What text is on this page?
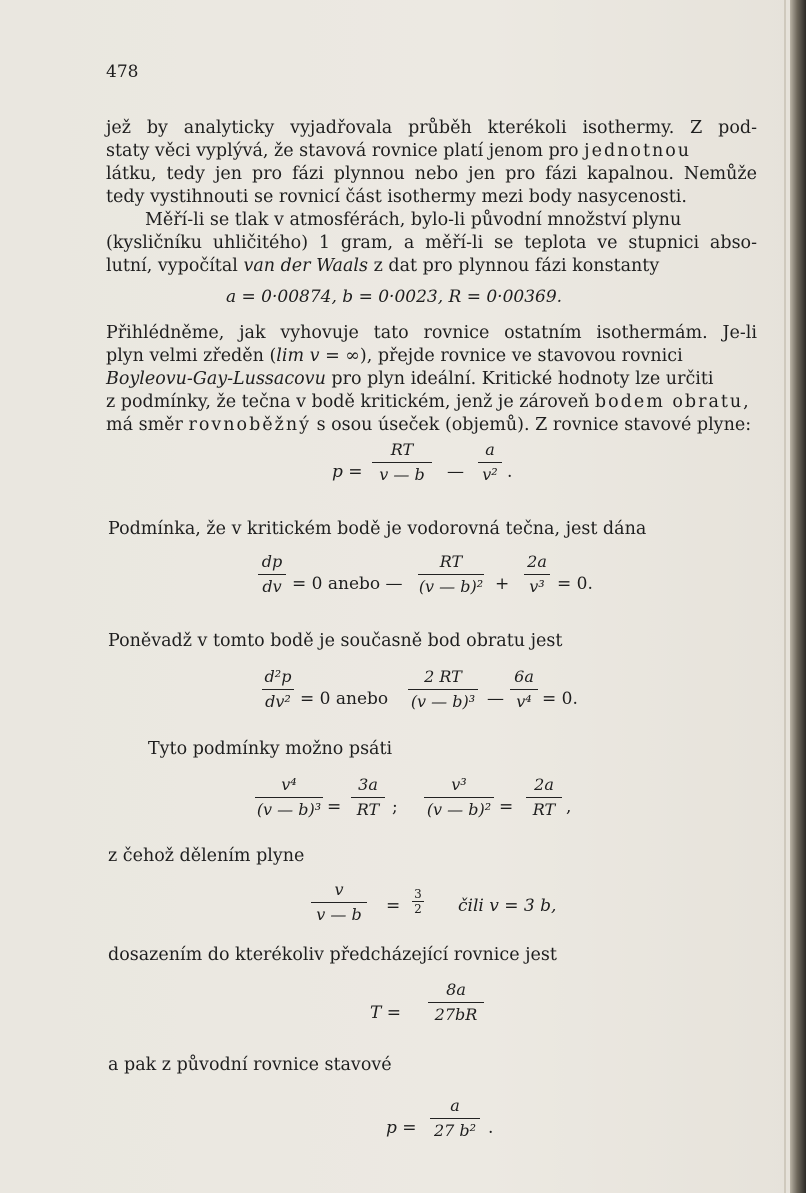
478
jež by analyticky vyjadřovala průběh kterékoli isothermy. Z pod-
staty věci vyplývá, že stavová rovnice platí jenom pro jednotnou
látku, tedy jen pro fázi plynnou nebo jen pro fázi kapalnou. Nemůže
tedy vystihnouti se rovnicí část isothermy mezi body nasycenosti.
Měří-li se tlak v atmosférách, bylo-li původní množství plynu
(kysličníku uhličitého) 1 gram, a měří-li se teplota ve stupnici abso-
lutní, vypočítal van der Waals z dat pro plynnou fázi konstanty
a = 0·00874, b = 0·0023, R = 0·00369.
Přihlédněme, jak vyhovuje tato rovnice ostatním isothermám. Je-li
plyn velmi zředěn (lim v = ∞), přejde rovnice ve stavovou rovnici
Boyleovu-Gay-Lussacovu pro plyn ideální. Kritické hodnoty lze určiti
z podmínky, že tečna v bodě kritickém, jenž je zároveň bodem obratu,
má směr rovnoběžný s osou úseček (objemů). Z rovnice stavové plyne:
p =
RT
v — b	—
a
v² .
Podmínka, že v kritickém bodě je vodorovná tečna, jest dána
dp
dv = 0 anebo —
RT
(v — b)² +
2a
v³ = 0.
Poněvadž v tomto bodě je současně bod obratu jest
d²p
dv² = 0 anebo
2 RT
(v — b)³ —
6a
v⁴ = 0.
Tyto podmínky možno psáti
v⁴
(v — b)³ =
3a
RT ;
v³
(v — b)² =
2a
RT ,
z čehož dělením plyne
v
v — b	=
3
2 čili v = 3 b,
dosazením do kterékoliv předcházející rovnice jest
T =
8a
27bR
a pak z původní rovnice stavové
p =
a
27 b² .
